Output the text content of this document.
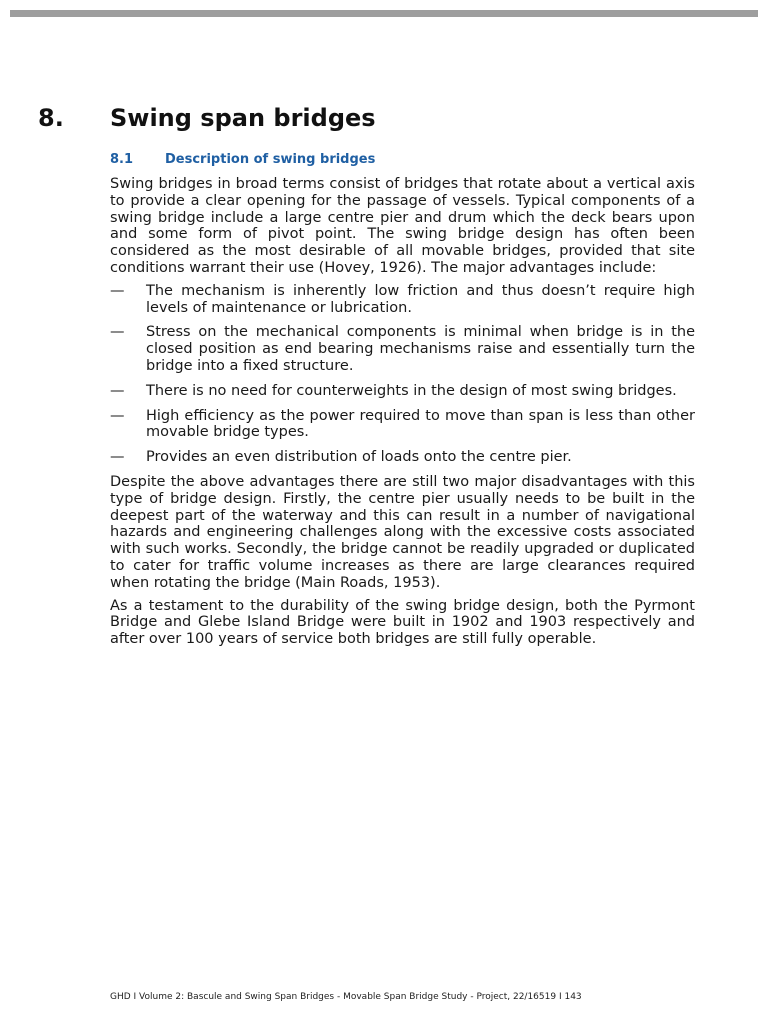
8. Swing span bridges
8.1 Description of swing bridges

Swing bridges in broad terms consist of bridges that rotate about a vertical axis to provide a clear opening for the passage of vessels. Typical components of a swing bridge include a large centre pier and drum which the deck bears upon and some form of pivot point. The swing bridge design has often been considered as the most desirable of all movable bridges, provided that site conditions warrant their use (Hovey, 1926). The major advantages include:

— The mechanism is inherently low friction and thus doesn’t require high levels of maintenance or lubrication.
— Stress on the mechanical components is minimal when bridge is in the closed position as end bearing mechanisms raise and essentially turn the bridge into a fixed structure.
— There is no need for counterweights in the design of most swing bridges.
— High efficiency as the power required to move than span is less than other movable bridge types.
— Provides an even distribution of loads onto the centre pier.

Despite the above advantages there are still two major disadvantages with this type of bridge design. Firstly, the centre pier usually needs to be built in the deepest part of the waterway and this can result in a number of navigational hazards and engineering challenges along with the excessive costs associated with such works. Secondly, the bridge cannot be readily upgraded or duplicated to cater for traffic volume increases as there are large clearances required when rotating the bridge (Main Roads, 1953).

As a testament to the durability of the swing bridge design, both the Pyrmont Bridge and Glebe Island Bridge were built in 1902 and 1903 respectively and after over 100 years of service both bridges are still fully operable.

GHD I Volume 2: Bascule and Swing Span Bridges - Movable Span Bridge Study - Project, 22/16519 I 143
